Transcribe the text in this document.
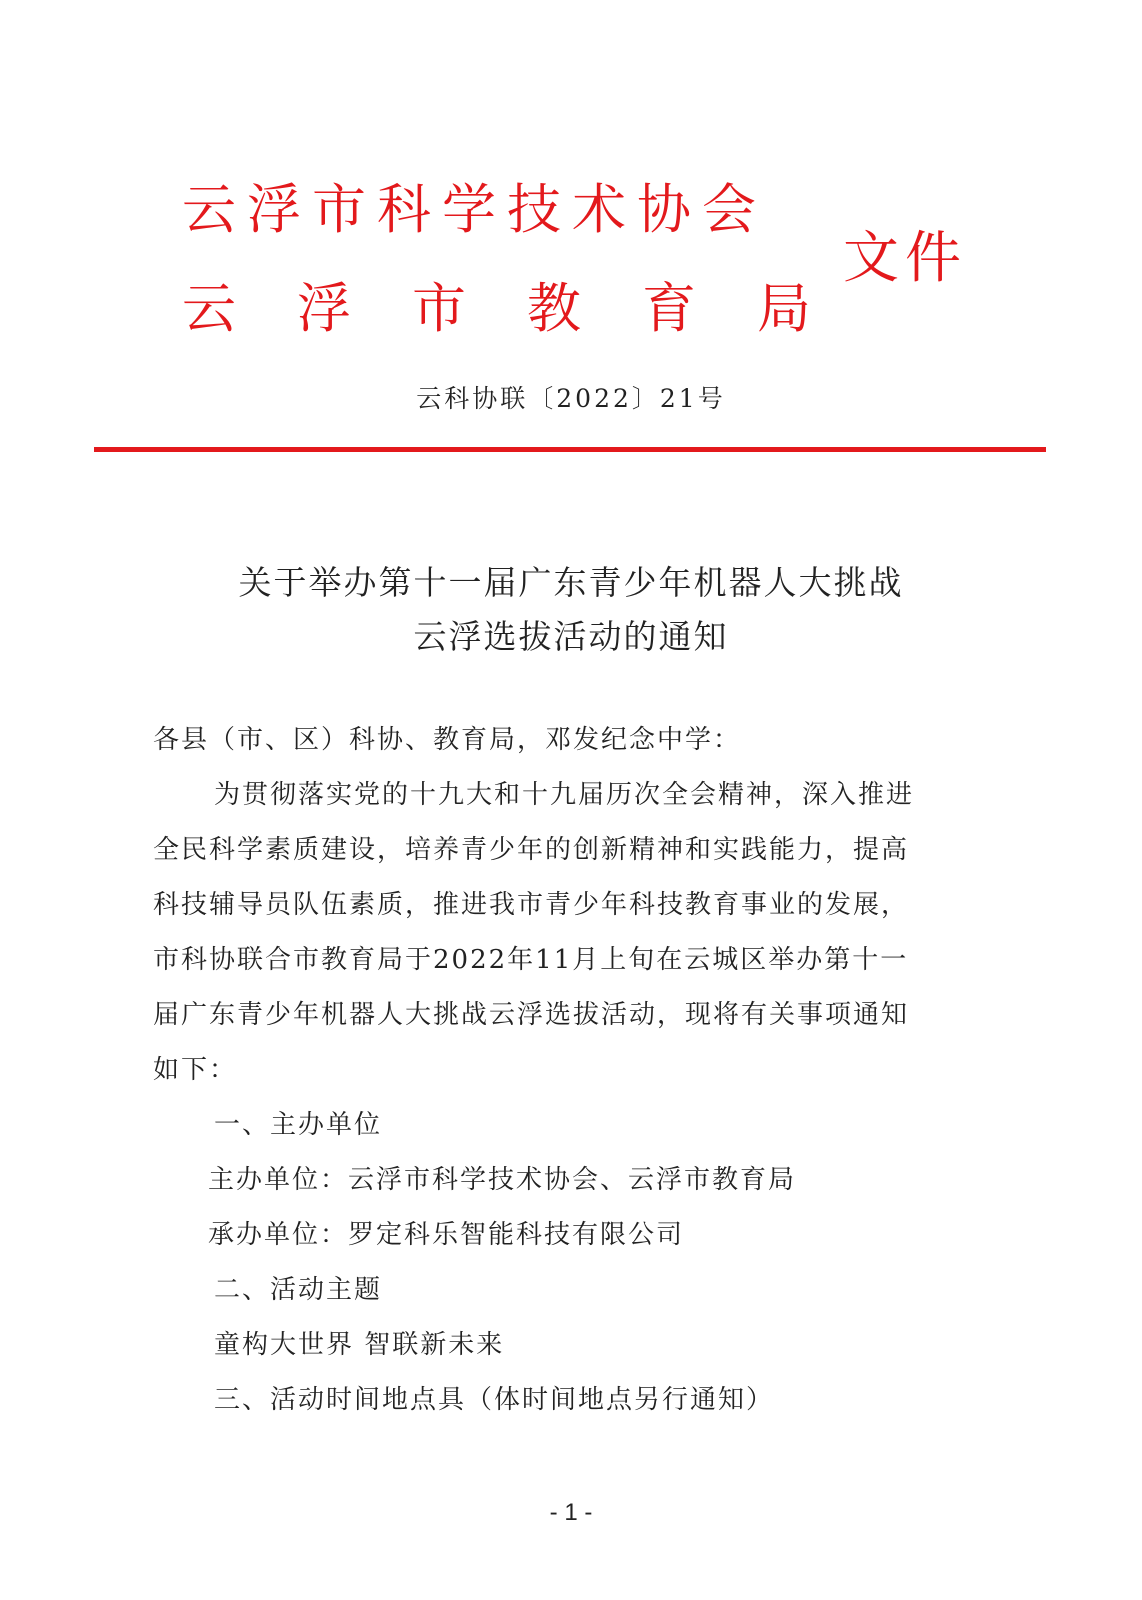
云浮市科学技术协会
云浮市教育局
文件
云科协联〔2022〕21号
关于举办第十一届广东青少年机器人大挑战
云浮选拔活动的通知
各县（市、区）科协、教育局，邓发纪念中学：
为贯彻落实党的十九大和十九届历次全会精神，深入推进
全民科学素质建设，培养青少年的创新精神和实践能力，提高
科技辅导员队伍素质，推进我市青少年科技教育事业的发展，
市科协联合市教育局于2022年11月上旬在云城区举办第十一
届广东青少年机器人大挑战云浮选拔活动，现将有关事项通知
如下：
一、主办单位
主办单位：云浮市科学技术协会、云浮市教育局
承办单位：罗定科乐智能科技有限公司
二、活动主题
童构大世界 智联新未来
三、活动时间地点具（体时间地点另行通知）
- 1 -
